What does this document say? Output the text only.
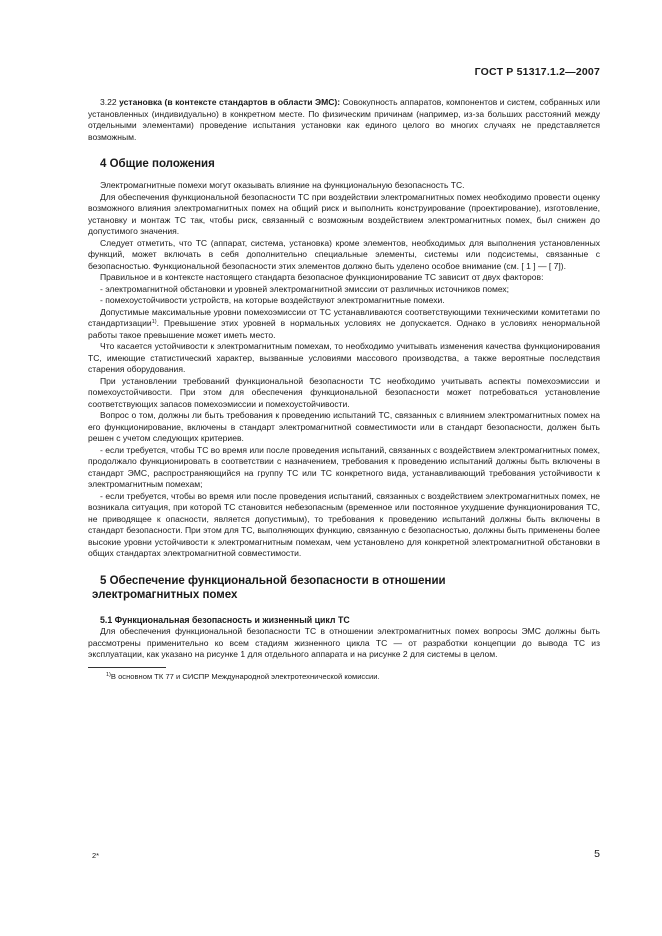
ГОСТ Р 51317.1.2—2007

3.22 установка (в контексте стандартов в области ЭМС): Совокупность аппаратов, компонентов и систем, собранных или установленных (индивидуально) в конкретном месте. По физическим причинам (например, из-за больших расстояний между отдельными элементами) проведение испытания установки как единого целого во многих случаях не представляется возможным.

4 Общие положения

Электромагнитные помехи могут оказывать влияние на функциональную безопасность ТС.

Для обеспечения функциональной безопасности ТС при воздействии электромагнитных помех необходимо провести оценку возможного влияния электромагнитных помех на общий риск и выполнить конструирование (проектирование), изготовление, установку и монтаж ТС так, чтобы риск, связанный с возможным воздействием электромагнитных помех, был снижен до допустимого значения.

Следует отметить, что ТС (аппарат, система, установка) кроме элементов, необходимых для выполнения установленных функций, может включать в себя дополнительно специальные элементы, системы или подсистемы, связанные с безопасностью. Функциональной безопасности этих элементов должно быть уделено особое внимание (см. [ 1 ] — [ 7]).

Правильное и в контексте настоящего стандарта безопасное функционирование ТС зависит от двух факторов:

- электромагнитной обстановки и уровней электромагнитной эмиссии от различных источников помех;

- помехоустойчивости устройств, на которые воздействуют электромагнитные помехи.

Допустимые максимальные уровни помехоэмиссии от ТС устанавливаются соответствующими техническими комитетами по стандартизации$^{1)}$. Превышение этих уровней в нормальных условиях не допускается. Однако в условиях ненормальной работы такое превышение может иметь место.

Что касается устойчивости к электромагнитным помехам, то необходимо учитывать изменения качества функционирования ТС, имеющие статистический характер, вызванные условиями массового производства, а также вероятные последствия старения оборудования.

При установлении требований функциональной безопасности ТС необходимо учитывать аспекты помехоэмиссии и помехоустойчивости. При этом для обеспечения функциональной безопасности может потребоваться установление соответствующих запасов помехоэмиссии и помехоустойчивости.

Вопрос о том, должны ли быть требования к проведению испытаний ТС, связанных с влиянием электромагнитных помех на его функционирование, включены в стандарт электромагнитной совместимости или в стандарт безопасности, должен быть решен с учетом следующих критериев.

- если требуется, чтобы ТС во время или после проведения испытаний, связанных с воздействием электромагнитных помех, продолжало функционировать в соответствии с назначением, требования к проведению испытаний должны быть включены в стандарт ЭМС, распространяющийся на группу ТС или ТС конкретного вида, устанавливающий требования устойчивости к электромагнитным помехам;

- если требуется, чтобы во время или после проведения испытаний, связанных с воздействием электромагнитных помех, не возникала ситуация, при которой ТС становится небезопасным (временное или постоянное ухудшение функционирования ТС, не приводящее к опасности, является допустимым), то требования к проведению испытаний должны быть включены в стандарт безопасности. При этом для ТС, выполняющих функцию, связанную с безопасностью, должны быть применены более высокие уровни устойчивости к электромагнитным помехам, чем установлено для конкретной электромагнитной обстановки в общих стандартах электромагнитной совместимости.

5 Обеспечение функциональной безопасности в отношении
электромагнитных помех

5.1 Функциональная безопасность и жизненный цикл ТС

Для обеспечения функциональной безопасности ТС в отношении электромагнитных помех вопросы ЭМС должны быть рассмотрены применительно ко всем стадиям жизненного цикла ТС — от разработки концепции до вывода ТС из эксплуатации, как указано на рисунке 1 для отдельного аппарата и на рисунке 2 для системы в целом.

$^{1)}$В основном ТК 77 и СИСПР Международной электротехнической комиссии.

2*	5
